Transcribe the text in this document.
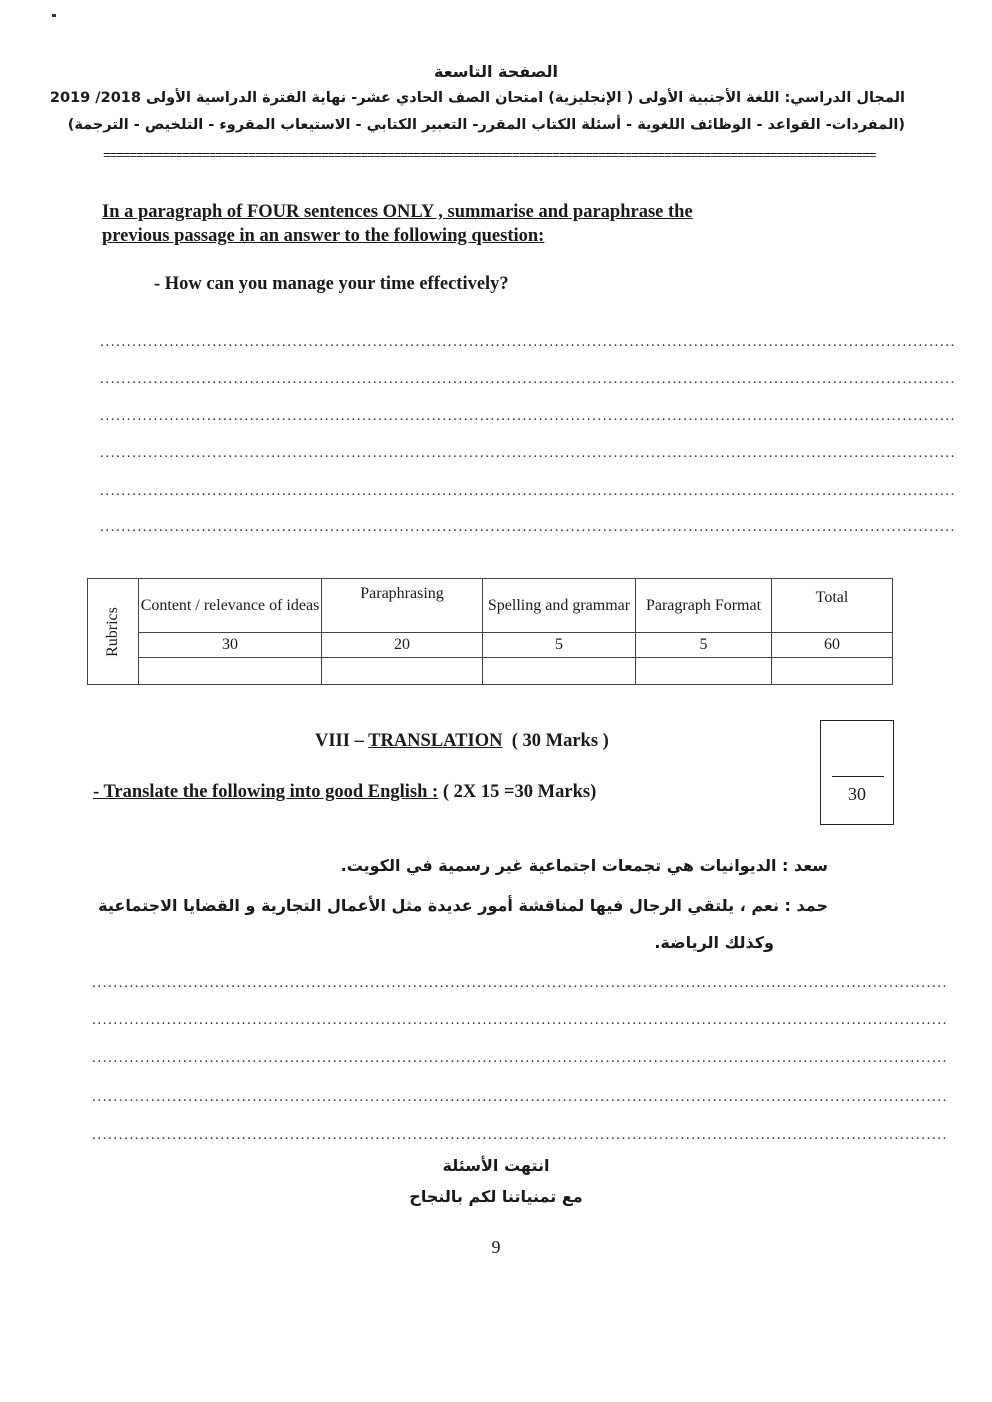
الصفحة التاسعة
المجال الدراسي: اللغة الأجنبية الأولى ( الإنجليزية) امتحان الصف الحادي عشر- نهاية الفترة الدراسية الأولى 2018/ 2019
(المفردات- القواعد - الوظائف اللغوية - أسئلة الكتاب المقرر- التعبير الكتابي - الاستيعاب المقروء - التلخيص - الترجمة)
=====================================================================================================================
In a paragraph of FOUR sentences ONLY , summarise and paraphrase the
previous passage in an answer to the following question:
- How can you manage your time effectively?
................................................................................................................................................................
................................................................................................................................................................
................................................................................................................................................................
................................................................................................................................................................
................................................................................................................................................................
................................................................................................................................................................
Rubrics	Content / relevance of ideas	Paraphrasing	Spelling and grammar	Paragraph Format	Total
	30	20	5	5	60

VIII – TRANSLATION ( 30 Marks )
- Translate the following into good English : ( 2X 15 =30 Marks)	30
سعد : الديوانيات هي تجمعات اجتماعية غير رسمية في الكويت.
حمد : نعم ، يلتقي الرجال فيها لمناقشة أمور عديدة مثل الأعمال التجارية و القضايا الاجتماعية
وكذلك الرياضة.
................................................................................................................................................................
................................................................................................................................................................
................................................................................................................................................................
................................................................................................................................................................
................................................................................................................................................................
انتهت الأسئلة
مع تمنياتنا لكم بالنجاح
9
